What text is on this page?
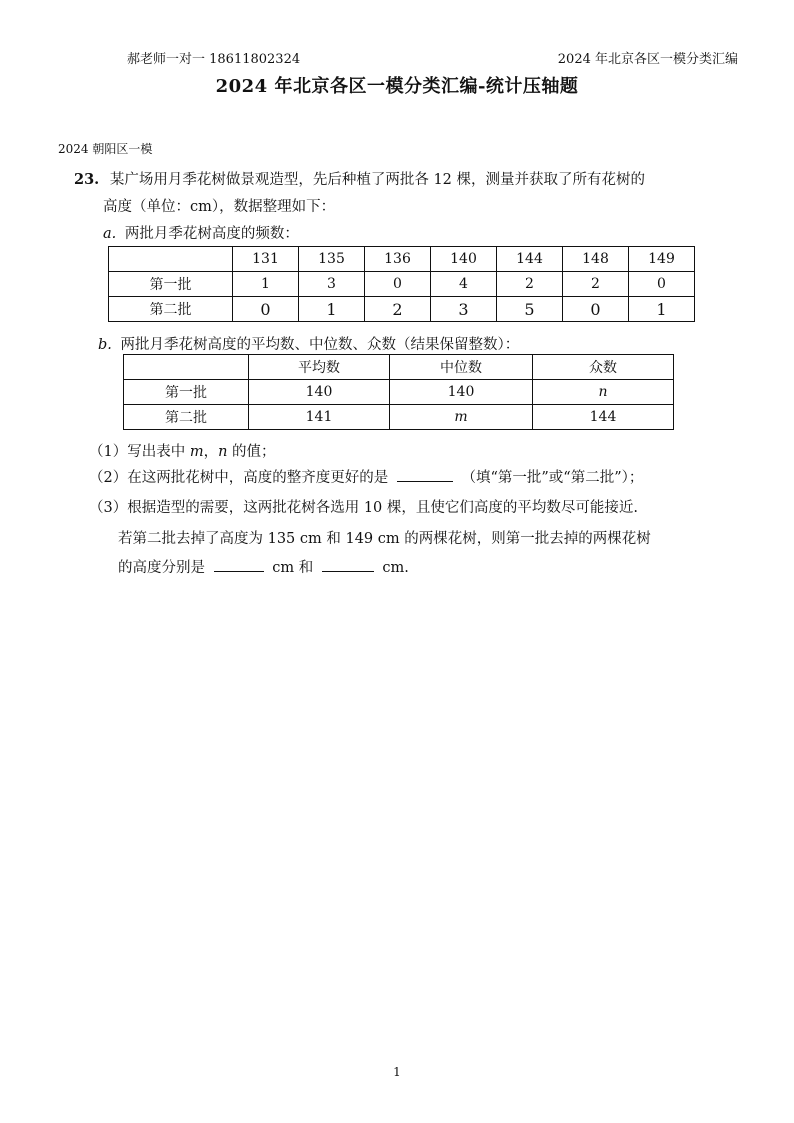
郝老师一对一 18611802324	2024 年北京各区一模分类汇编
2024 年北京各区一模分类汇编-统计压轴题
2024 朝阳区一模
23. 某广场用月季花树做景观造型，先后种植了两批各 12 棵，测量并获取了所有花树的
高度（单位：cm），数据整理如下：
a. 两批月季花树高度的频数：
	131	135	136	140	144	148	149
第一批	1	3	0	4	2	2	0
第二批	0	1	2	3	5	0	1
b. 两批月季花树高度的平均数、中位数、众数（结果保留整数）：
	平均数	中位数	众数
第一批	140	140	n
第二批	141	m	144
（1）写出表中 m，n 的值；
（2）在这两批花树中，高度的整齐度更好的是	（填“第一批”或“第二批”）；
（3）根据造型的需要，这两批花树各选用 10 棵，且使它们高度的平均数尽可能接近.
若第二批去掉了高度为 135 cm 和 149 cm 的两棵花树，则第一批去掉的两棵花树
的高度分别是	cm 和	cm.
1
